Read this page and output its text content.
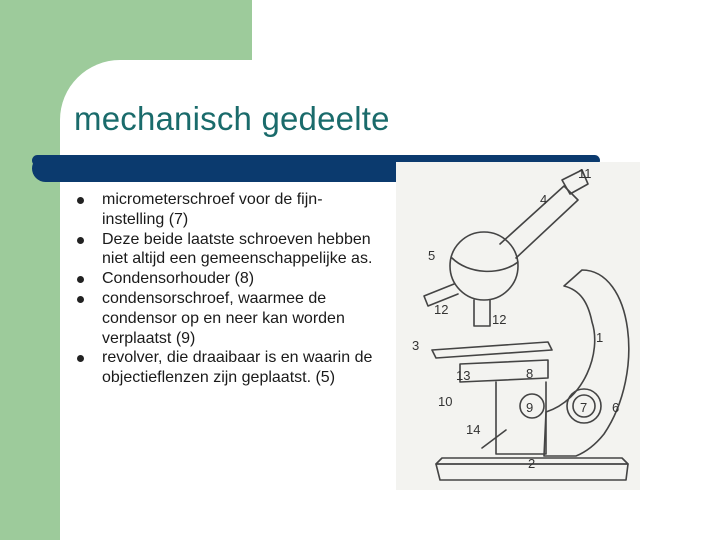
mechanisch gedeelte
micrometerschroef voor de fijn-instelling (7)
Deze beide laatste schroeven hebben niet altijd een gemeenschappelijke as.
Condensorhouder (8)
condensorschroef, waarmee de condensor op en neer kan worden verplaatst (9)
revolver, die draaibaar is en waarin de objectieflenzen zijn geplaatst. (5)
11
4
5
12
12
3
1
13	8
10	9	7 6
14
2
